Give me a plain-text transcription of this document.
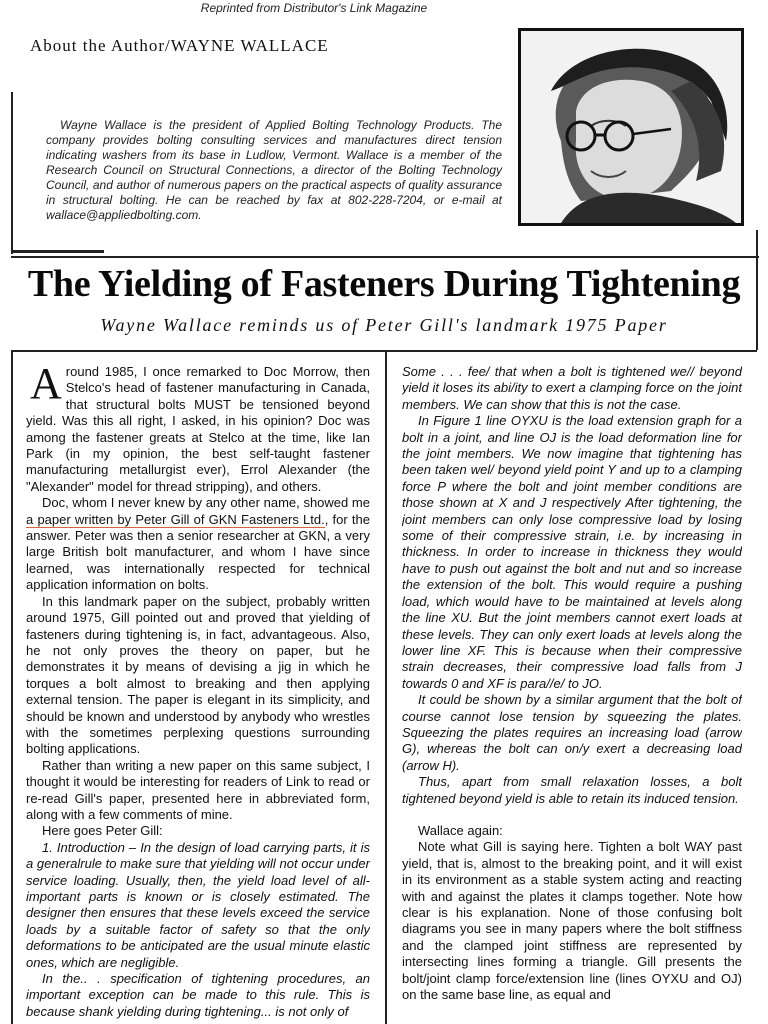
Reprinted from Distributor's Link Magazine
About the Author/WAYNE WALLACE

Wayne Wallace is the president of Applied Bolting Technology Products. The company provides bolting consulting services and manufactures direct tension indicating washers from its base in Ludlow, Vermont. Wallace is a member of the Research Council on Structural Connections, a director of the Bolting Technology Council, and author of numerous papers on the practical aspects of quality assurance in structural bolting. He can be reached by fax at 802-228-7204, or e-mail at wallace@appliedbolting.com.

The Yielding of Fasteners During Tightening
Wayne Wallace reminds us of Peter Gill's landmark 1975 Paper

Around 1985, I once remarked to Doc Morrow, then Stelco's head of fastener manufacturing in Canada, that structural bolts MUST be tensioned beyond yield. Was this all right, I asked, in his opinion? Doc was among the fastener greats at Stelco at the time, like Ian Park (in my opinion, the best self-taught fastener manufacturing metallurgist ever), Errol Alexander (the "Alexander" model for thread stripping), and others.

Doc, whom I never knew by any other name, showed me a paper written by Peter Gill of GKN Fasteners Ltd., for the answer. Peter was then a senior researcher at GKN, a very large British bolt manufacturer, and whom I have since learned, was internationally respected for technical application information on bolts.

In this landmark paper on the subject, probably written around 1975, Gill pointed out and proved that yielding of fasteners during tightening is, in fact, advantageous. Also, he not only proves the theory on paper, but he demonstrates it by means of devising a jig in which he torques a bolt almost to breaking and then applying external tension. The paper is elegant in its simplicity, and should be known and understood by anybody who wrestles with the sometimes perplexing questions surrounding bolting applications.

Rather than writing a new paper on this same subject, I thought it would be interesting for readers of Link to read or re-read Gill's paper, presented here in abbreviated form, along with a few comments of mine.

Here goes Peter Gill:

1. Introduction – In the design of load carrying parts, it is a generalrule to make sure that yielding will not occur under service loading. Usually, then, the yield load level of all-important parts is known or is closely estimated. The designer then ensures that these levels exceed the service loads by a suitable factor of safety so that the only deformations to be anticipated are the usual minute elastic ones, which are negligible.

In the.. . specification of tightening procedures, an important exception can be made to this rule. This is because shank yielding during tightening... is not only of

Some . . . fee/ that when a bolt is tightened we// beyond yield it loses its abi/ity to exert a clamping force on the joint members. We can show that this is not the case.

In Figure 1 line OYXU is the load extension graph for a bolt in a joint, and line OJ is the load deformation line for the joint members. We now imagine that tightening has been taken wel/ beyond yield point Y and up to a clamping force P where the bolt and joint member conditions are those shown at X and J respectively After tightening, the joint members can only lose compressive load by losing some of their compressive strain, i.e. by increasing in thickness. In order to increase in thickness they would have to push out against the bolt and nut and so increase the extension of the bolt. This would require a pushing load, which would have to be maintained at levels along the line XU. But the joint members cannot exert loads at these levels. They can only exert loads at levels along the lower line XF. This is because when their compressive strain decreases, their compressive load falls from J towards 0 and XF is para//e/ to JO.

It could be shown by a similar argument that the bolt of course cannot lose tension by squeezing the plates. Squeezing the plates requires an increasing load (arrow G), whereas the bolt can on/y exert a decreasing load (arrow H).

Thus, apart from small relaxation losses, a bolt tightened beyond yield is able to retain its induced tension.

Wallace again:

Note what Gill is saying here. Tighten a bolt WAY past yield, that is, almost to the breaking point, and it will exist in its environment as a stable system acting and reacting with and against the plates it clamps together. Note how clear is his explanation. None of those confusing bolt diagrams you see in many papers where the bolt stiffness and the clamped joint stiffness are represented by intersecting lines forming a triangle. Gill presents the bolt/joint clamp force/extension line (lines OYXU and OJ) on the same base line, as equal and
